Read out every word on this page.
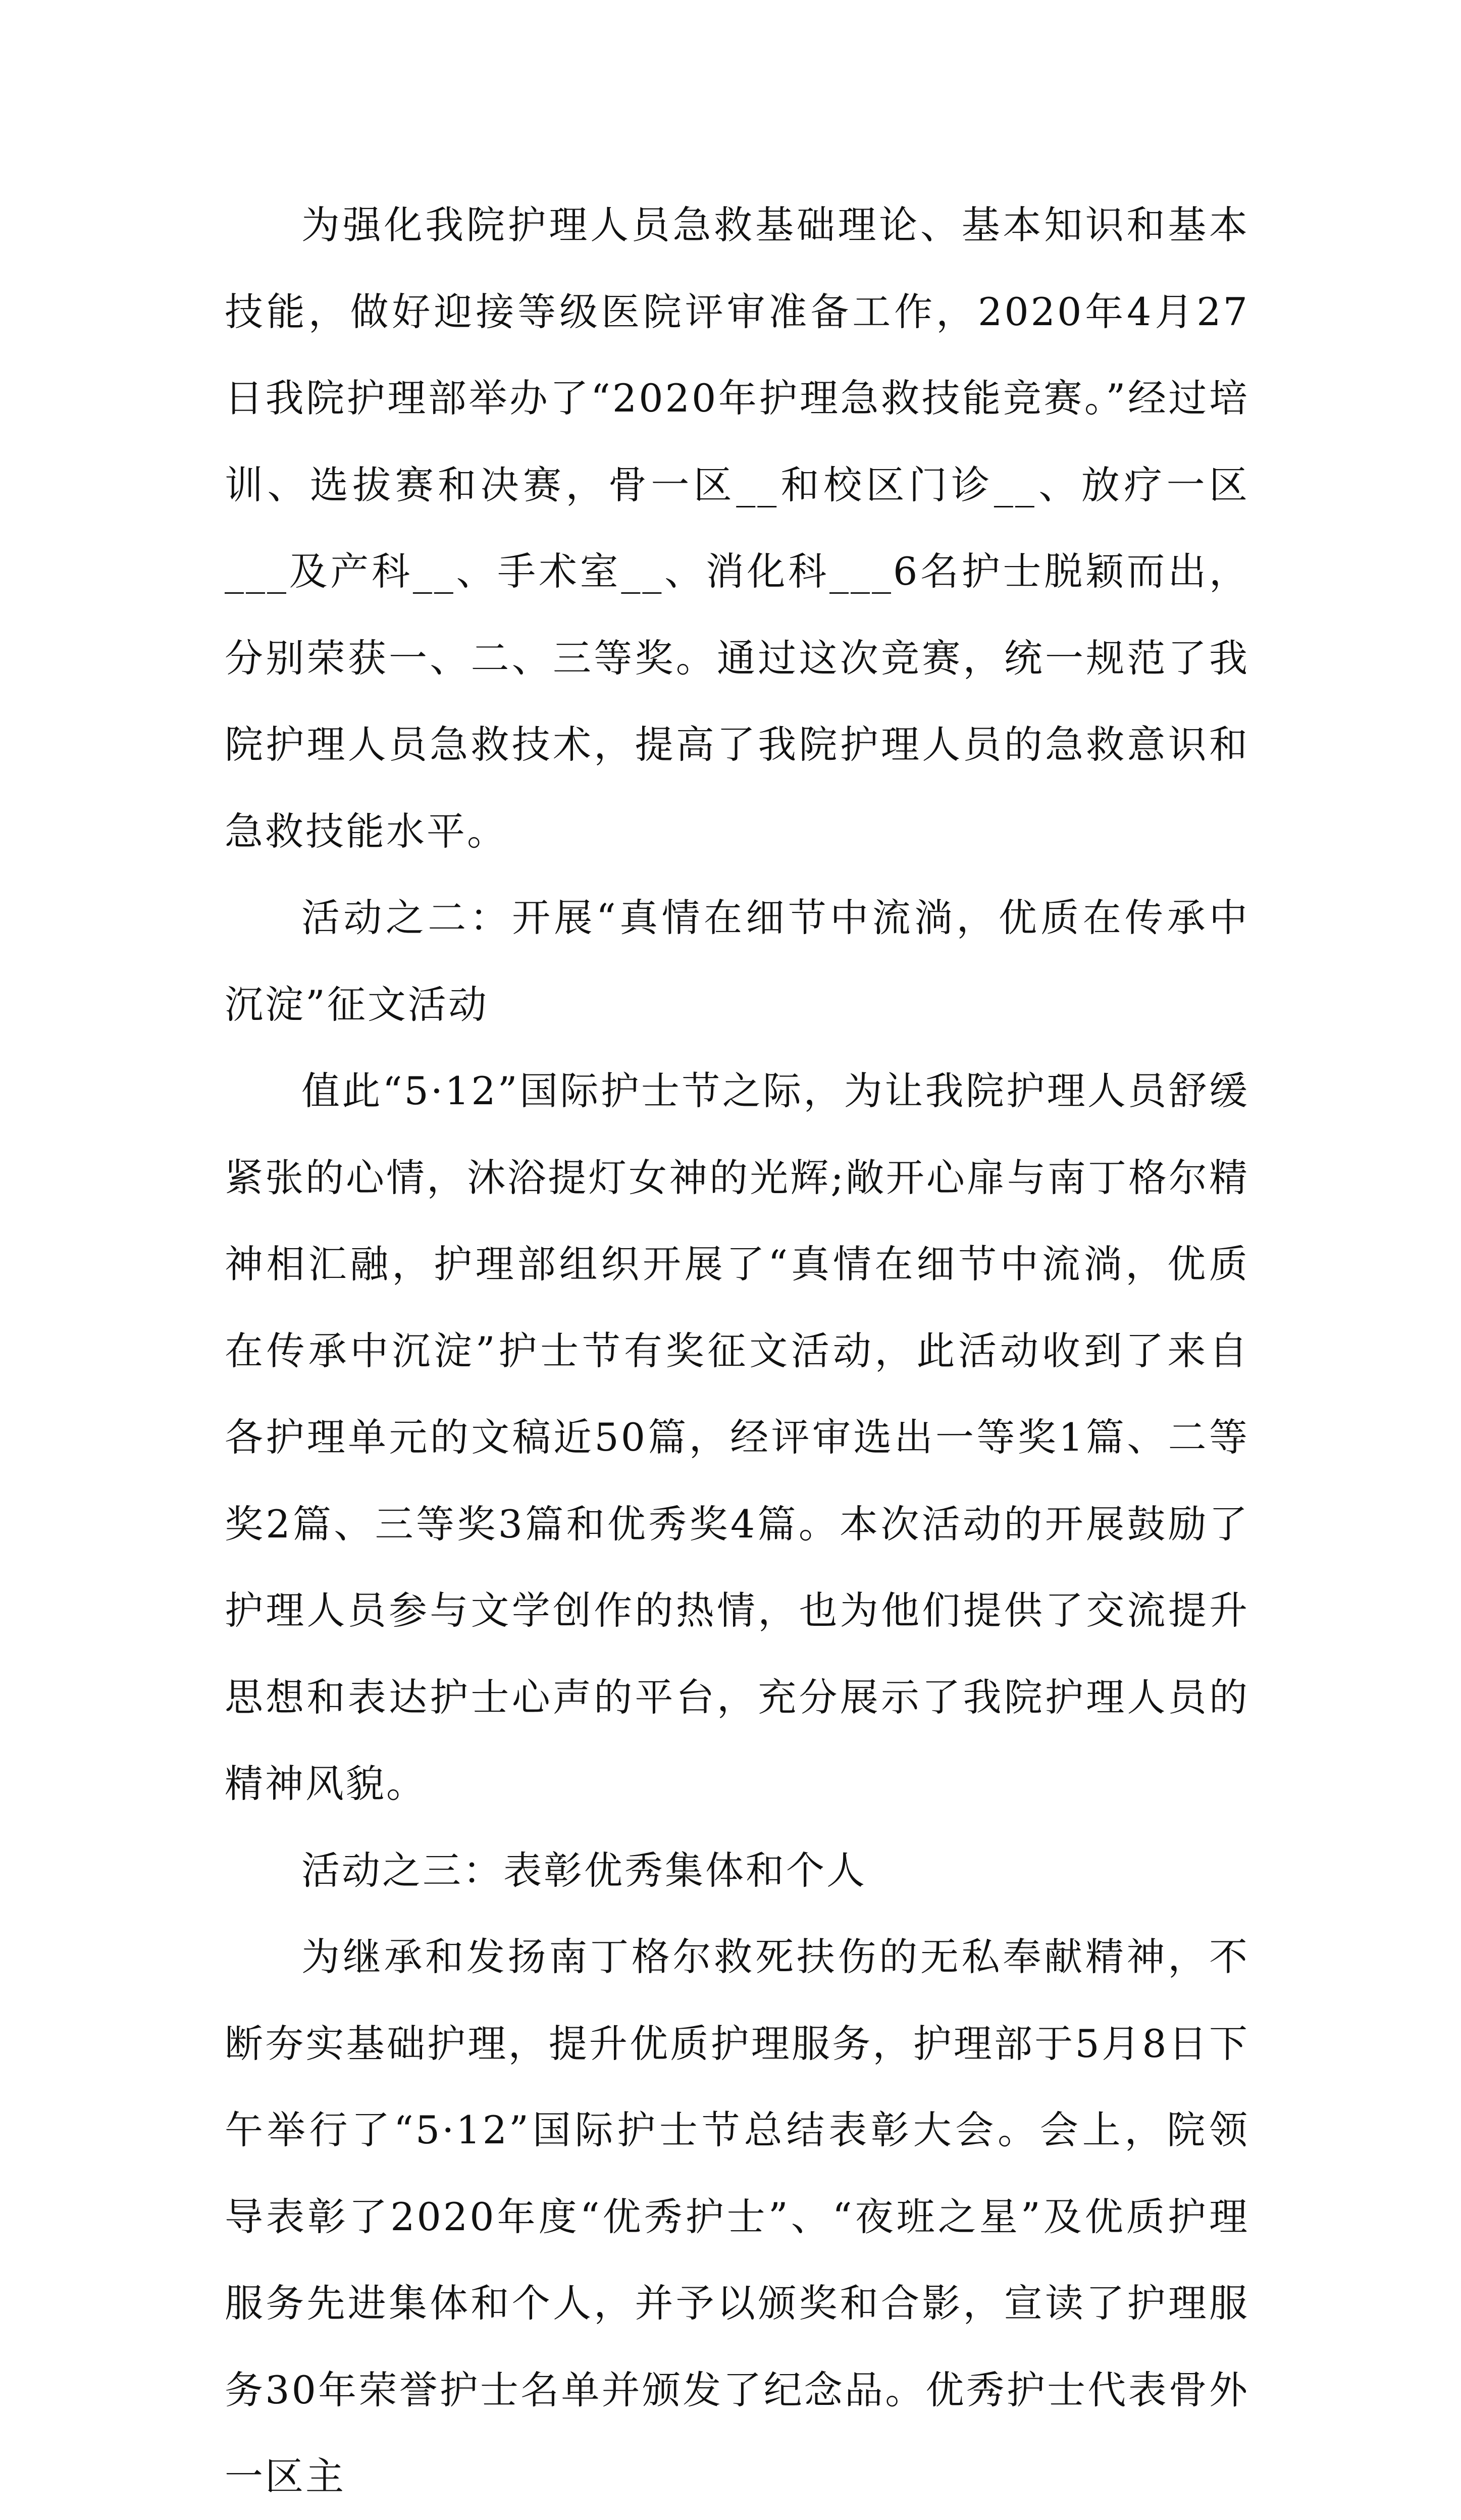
为强化我院护理人员急救基础理论、基本知识和基本技能，做好迎接等级医院评审准备工作，2020年4月27日我院护理部举办了“2020年护理急救技能竞赛。”经过培训、选拔赛和决赛，骨一区__和校区门诊__、放疗一区___及产科__、手术室__、消化科___6名护士脱颖而出，分别荣获一、二、三等奖。通过这次竞赛，统一规范了我院护理人员急救技术，提高了我院护理人员的急救意识和急救技能水平。

活动之二：开展“真情在细节中流淌，优质在传承中沉淀”征文活动

值此“5·12”国际护士节之际，为让我院护理人员舒缓紧张的心情，沐浴提灯女神的光辉;敞开心扉与南丁格尔精神相汇融，护理部组织开展了“真情在细节中流淌，优质在传承中沉淀”护士节有奖征文活动，此活动收到了来自各护理单元的文稿近50篇，经评审选出一等奖1篇、二等奖2篇、三等奖3篇和优秀奖4篇。本次活动的开展鼓励了护理人员参与文学创作的热情，也为他们提供了交流提升思想和表达护士心声的平台，充分展示了我院护理人员的精神风貌。

活动之三：表彰优秀集体和个人

为继承和发扬南丁格尔救死扶伤的无私奉献精神，不断夯实基础护理，提升优质护理服务，护理部于5月8日下午举行了“5·12”国际护士节总结表彰大会。会上，院领导表彰了2020年度“优秀护士”、“夜班之星”及优质护理服务先进集体和个人，并予以颁奖和合影，宣读了护理服务30年荣誉护士名单并颁发了纪念品。优秀护士代表骨外一区主
